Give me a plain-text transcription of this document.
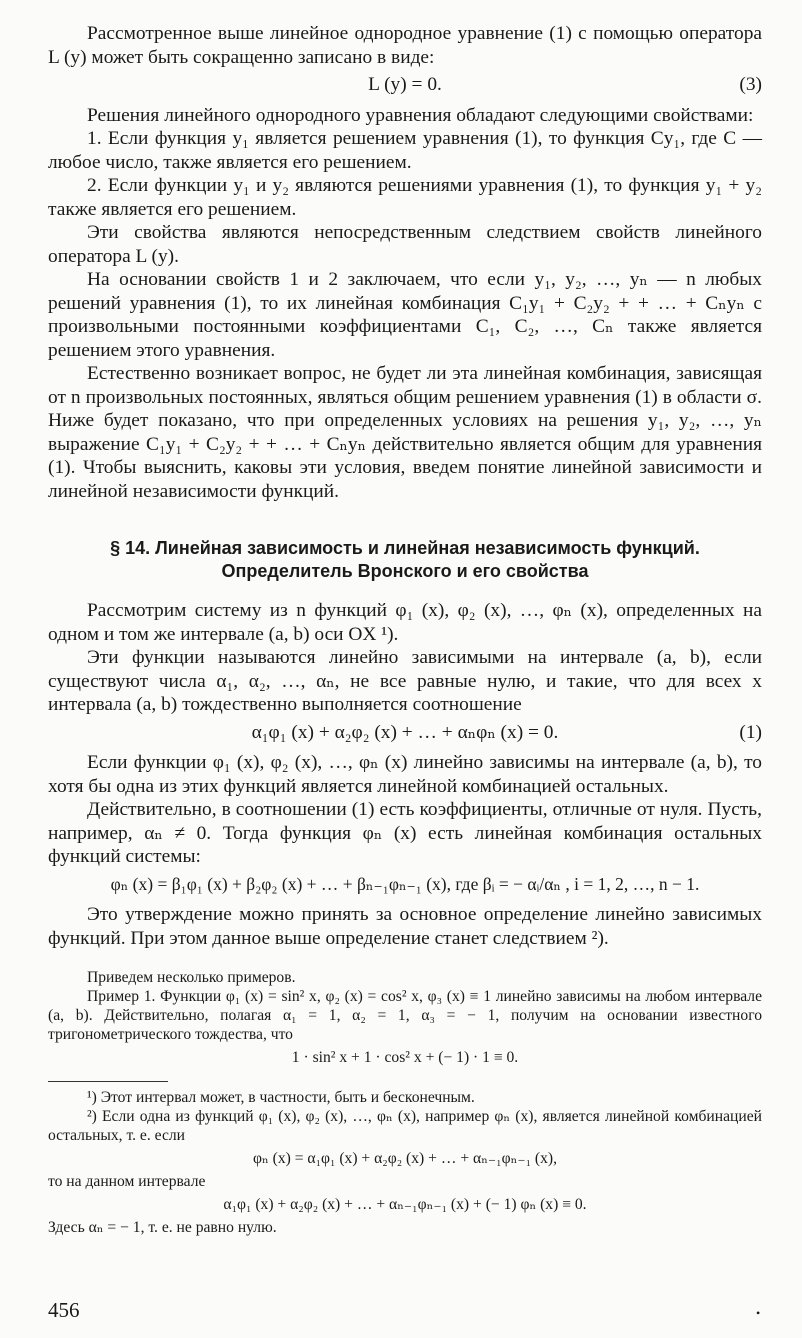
Рассмотренное выше линейное однородное уравнение (1) с помощью оператора L (y) может быть сокращенно записано в виде:

L (y) = 0.	(3)

Решения линейного однородного уравнения обладают следующими свойствами:

1. Если функция y₁ является решением уравнения (1), то функция Cy₁, где C — любое число, также является его решением.

2. Если функции y₁ и y₂ являются решениями уравнения (1), то функция y₁ + y₂ также является его решением.

Эти свойства являются непосредственным следствием свойств линейного оператора L (y).

На основании свойств 1 и 2 заключаем, что если y₁, y₂, …, yₙ — n любых решений уравнения (1), то их линейная комбинация C₁y₁ + C₂y₂ + + … + Cₙyₙ с произвольными постоянными коэффициентами C₁, C₂, …, Cₙ также является решением этого уравнения.

Естественно возникает вопрос, не будет ли эта линейная комбинация, зависящая от n произвольных постоянных, являться общим решением уравнения (1) в области σ. Ниже будет показано, что при определенных условиях на решения y₁, y₂, …, yₙ выражение C₁y₁ + C₂y₂ + + … + Cₙyₙ действительно является общим для уравнения (1). Чтобы выяснить, каковы эти условия, введем понятие линейной зависимости и линейной независимости функций.

§ 14. Линейная зависимость и линейная независимость функций.
Определитель Вронского и его свойства

Рассмотрим систему из n функций φ₁ (x), φ₂ (x), …, φₙ (x), определенных на одном и том же интервале (a, b) оси OX ¹).

Эти функции называются линейно зависимыми на интервале (a, b), если существуют числа α₁, α₂, …, αₙ, не все равные нулю, и такие, что для всех x интервала (a, b) тождественно выполняется соотношение

α₁φ₁ (x) + α₂φ₂ (x) + … + αₙφₙ (x) = 0.	(1)

Если функции φ₁ (x), φ₂ (x), …, φₙ (x) линейно зависимы на интервале (a, b), то хотя бы одна из этих функций является линейной комбинацией остальных.

Действительно, в соотношении (1) есть коэффициенты, отличные от нуля. Пусть, например, αₙ ≠ 0. Тогда функция φₙ (x) есть линейная комбинация остальных функций системы:

φₙ (x) = β₁φ₁ (x) + β₂φ₂ (x) + … + βₙ₋₁φₙ₋₁ (x), где βᵢ = − αᵢ/αₙ , i = 1, 2, …, n − 1.

Это утверждение можно принять за основное определение линейно зависимых функций. При этом данное выше определение станет следствием ²).

Приведем несколько примеров.

Пример 1. Функции φ₁ (x) = sin² x, φ₂ (x) = cos² x, φ₃ (x) ≡ 1 линейно зависимы на любом интервале (a, b). Действительно, полагая α₁ = 1, α₂ = 1, α₃ = − 1, получим на основании известного тригонометрического тождества, что

1 · sin² x + 1 · cos² x + (− 1) · 1 ≡ 0.

¹) Этот интервал может, в частности, быть и бесконечным.

²) Если одна из функций φ₁ (x), φ₂ (x), …, φₙ (x), например φₙ (x), является линейной комбинацией остальных, т. е. если

φₙ (x) = α₁φ₁ (x) + α₂φ₂ (x) + … + αₙ₋₁φₙ₋₁ (x),

то на данном интервале

α₁φ₁ (x) + α₂φ₂ (x) + … + αₙ₋₁φₙ₋₁ (x) + (− 1) φₙ (x) ≡ 0.

Здесь αₙ = − 1, т. е. не равно нулю.

456	•
